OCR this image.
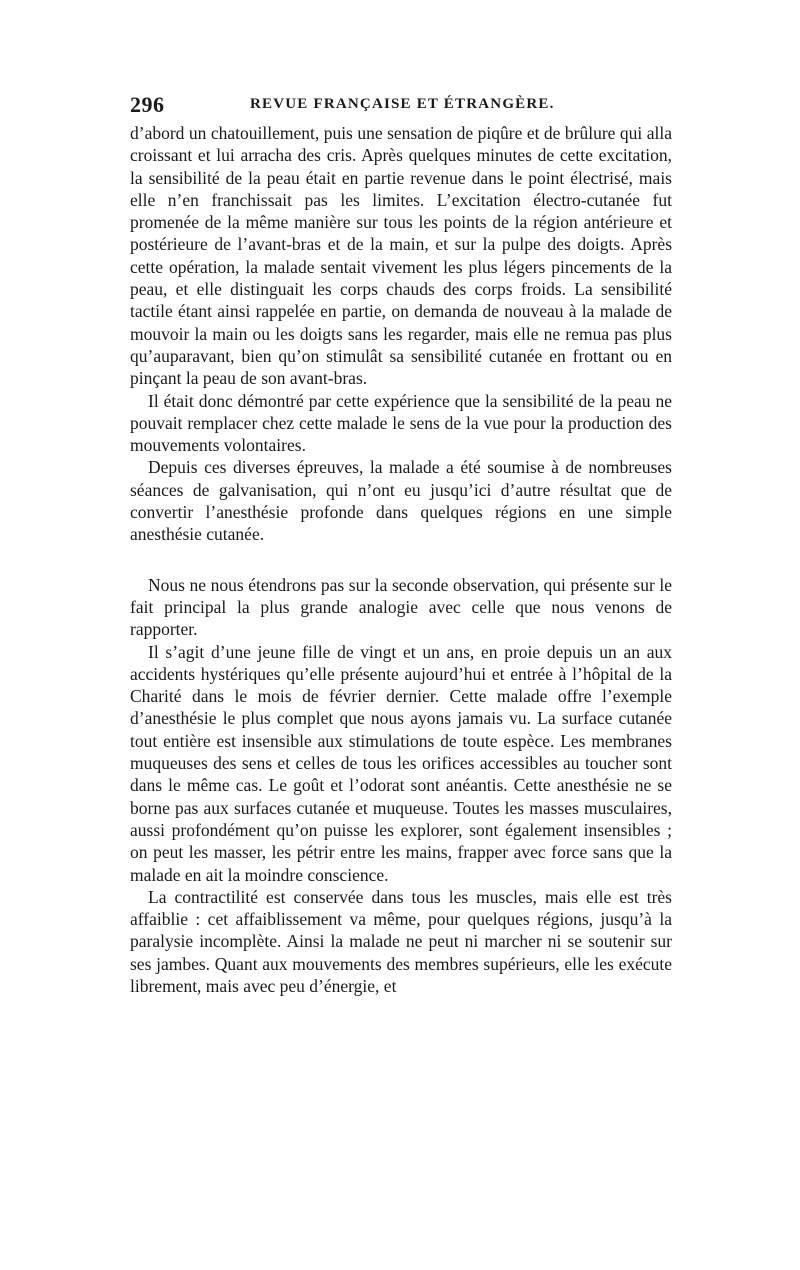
296	REVUE FRANÇAISE ET ÉTRANGÈRE.

d’abord un chatouillement, puis une sensation de piqûre et de brûlure qui alla croissant et lui arracha des cris. Après quelques minutes de cette excitation, la sensibilité de la peau était en partie revenue dans le point électrisé, mais elle n’en franchissait pas les limites. L’excitation électro-cutanée fut promenée de la même manière sur tous les points de la région antérieure et postérieure de l’avant-bras et de la main, et sur la pulpe des doigts. Après cette opération, la malade sentait vivement les plus légers pincements de la peau, et elle distinguait les corps chauds des corps froids. La sensibilité tactile étant ainsi rappelée en partie, on demanda de nouveau à la malade de mouvoir la main ou les doigts sans les regarder, mais elle ne remua pas plus qu’auparavant, bien qu’on stimulât sa sensibilité cutanée en frottant ou en pinçant la peau de son avant-bras.

Il était donc démontré par cette expérience que la sensibilité de la peau ne pouvait remplacer chez cette malade le sens de la vue pour la production des mouvements volontaires.

Depuis ces diverses épreuves, la malade a été soumise à de nombreuses séances de galvanisation, qui n’ont eu jusqu’ici d’autre résultat que de convertir l’anesthésie profonde dans quelques régions en une simple anesthésie cutanée.

Nous ne nous étendrons pas sur la seconde observation, qui présente sur le fait principal la plus grande analogie avec celle que nous venons de rapporter.

Il s’agit d’une jeune fille de vingt et un ans, en proie depuis un an aux accidents hystériques qu’elle présente aujourd’hui et entrée à l’hôpital de la Charité dans le mois de février dernier. Cette malade offre l’exemple d’anesthésie le plus complet que nous ayons jamais vu. La surface cutanée tout entière est insensible aux stimulations de toute espèce. Les membranes muqueuses des sens et celles de tous les orifices accessibles au toucher sont dans le même cas. Le goût et l’odorat sont anéantis. Cette anesthésie ne se borne pas aux surfaces cutanée et muqueuse. Toutes les masses musculaires, aussi profondément qu’on puisse les explorer, sont également insensibles ; on peut les masser, les pétrir entre les mains, frapper avec force sans que la malade en ait la moindre conscience.

La contractilité est conservée dans tous les muscles, mais elle est très affaiblie : cet affaiblissement va même, pour quelques régions, jusqu’à la paralysie incomplète. Ainsi la malade ne peut ni marcher ni se soutenir sur ses jambes. Quant aux mouvements des membres supérieurs, elle les exécute librement, mais avec peu d’énergie, et
